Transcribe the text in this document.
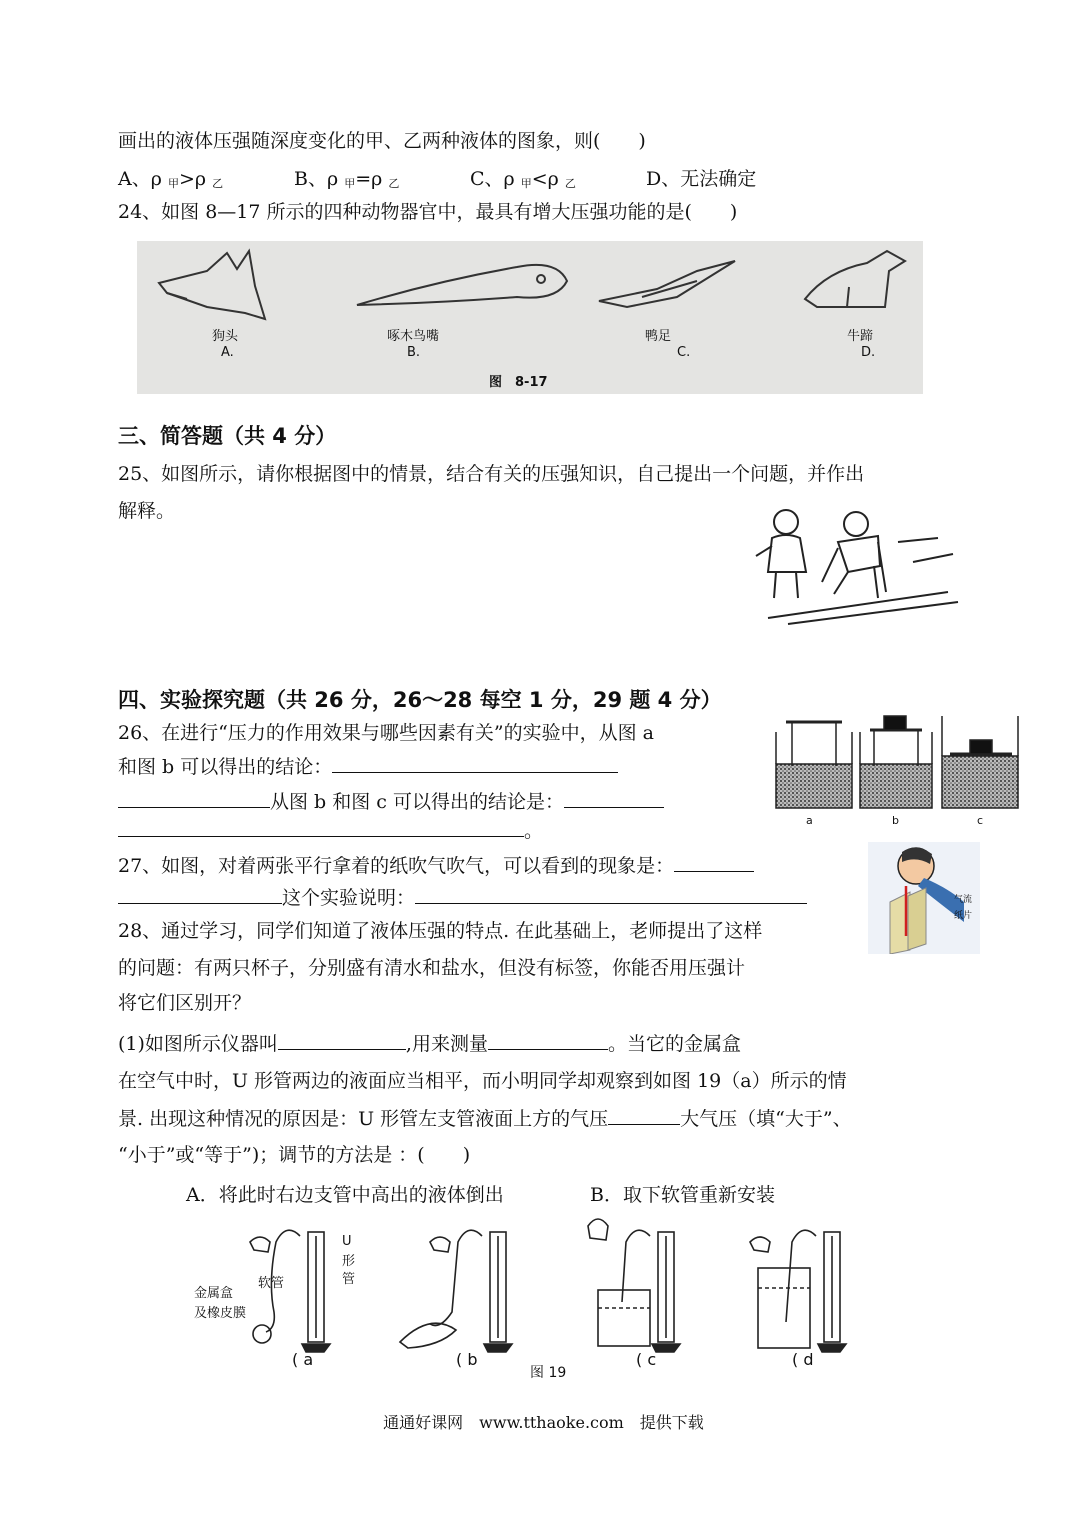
画出的液体压强随深度变化的甲、乙两种液体的图象，则(　　)
A、ρ $_甲$>ρ $_乙$	B、ρ $_甲$=ρ $_乙$	C、ρ $_甲$<ρ $_乙$	D、无法确定
24、如图 8—17 所示的四种动物器官中，最具有增大压强功能的是(　　)
狗头	啄木鸟嘴	鸭足	牛蹄
A.	B.	C.	D.
图　8-17
三、简答题（共 4 分）
25、如图所示，请你根据图中的情景，结合有关的压强知识，自己提出一个问题，并作出
解释。
四、实验探究题（共 26 分，26～28 每空 1 分，29 题 4 分）
26、在进行“压力的作用效果与哪些因素有关”的实验中，从图 a
和图 b 可以得出的结论：
从图 b 和图 c 可以得出的结论是：
。	a	b	c
27、如图，对着两张平行拿着的纸吹气吹气，可以看到的现象是：
这个实验说明：	气流
纸片
28、通过学习，同学们知道了液体压强的特点. 在此基础上，老师提出了这样
的问题：有两只杯子，分别盛有清水和盐水，但没有标签，你能否用压强计
将它们区别开？
(1)如图所示仪器叫	,用来测量	。当它的金属盒
在空气中时，U 形管两边的液面应当相平，而小明同学却观察到如图 19（a）所示的情
景. 出现这种情况的原因是：U 形管左支管液面上方的气压	大气压（填“大于”、
“小于”或“等于”)；调节的方法是 ：(　　)
A．将此时右边支管中高出的液体倒出	B．取下软管重新安装
金属盒
及橡皮膜
软管
U
形
管
( a	( b	( c	( d
图 19
通通好课网　www.tthaoke.com　提供下载
